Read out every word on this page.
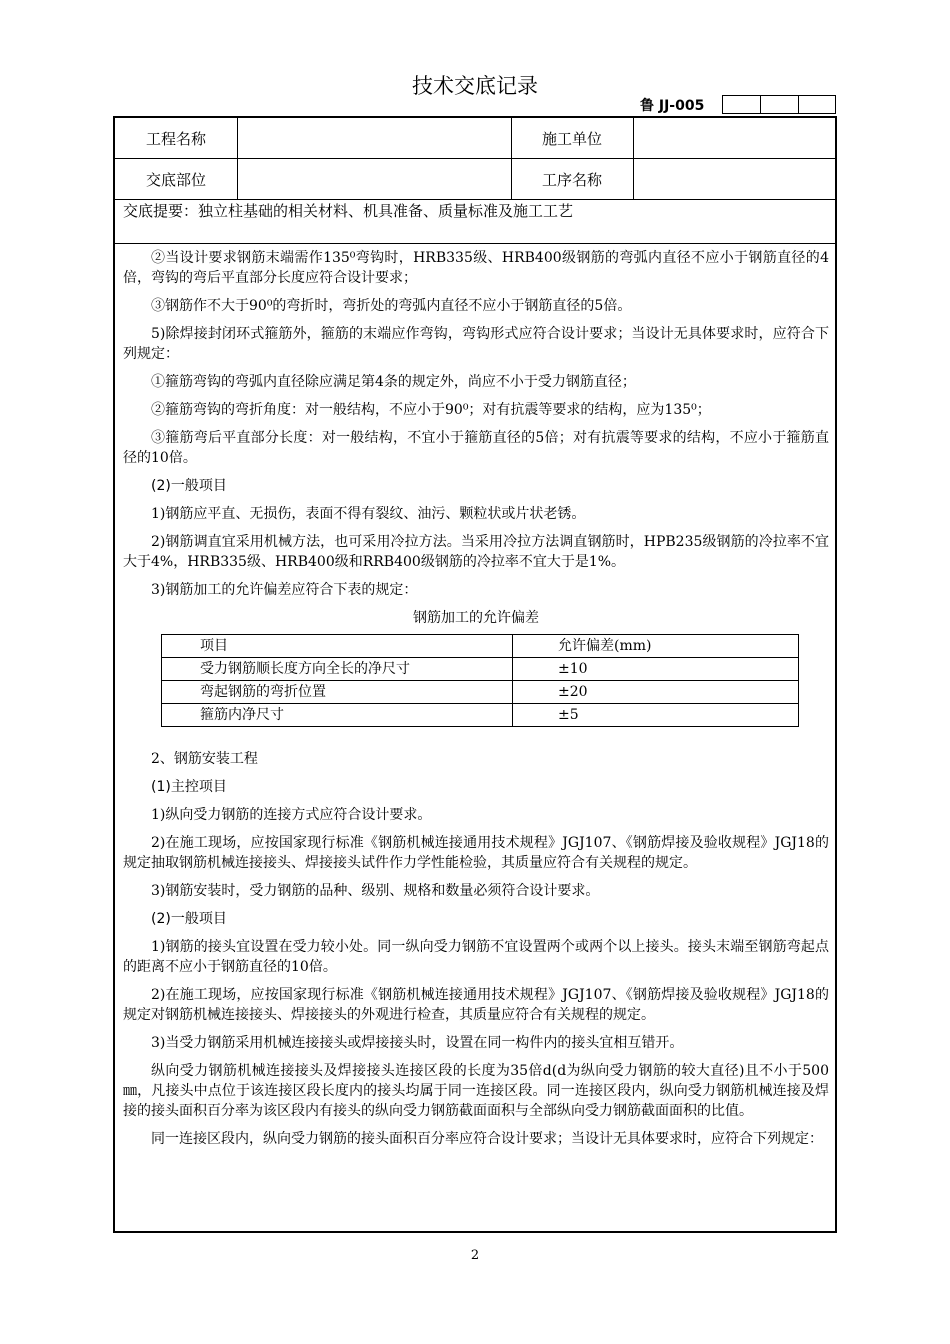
技术交底记录
鲁 JJ-005
工程名称	施工单位
交底部位	工序名称
交底提要：独立柱基础的相关材料、机具准备、质量标准及施工工艺

②当设计要求钢筋末端需作135⁰弯钩时，HRB335级、HRB400级钢筋的弯弧内直径不应小于钢筋直径的4倍，弯钩的弯后平直部分长度应符合设计要求；

③钢筋作不大于90⁰的弯折时，弯折处的弯弧内直径不应小于钢筋直径的5倍。

5)除焊接封闭环式箍筋外，箍筋的末端应作弯钩，弯钩形式应符合设计要求；当设计无具体要求时，应符合下列规定：

①箍筋弯钩的弯弧内直径除应满足第4条的规定外，尚应不小于受力钢筋直径；

②箍筋弯钩的弯折角度：对一般结构，不应小于90⁰；对有抗震等要求的结构，应为135⁰；

③箍筋弯后平直部分长度：对一般结构，不宜小于箍筋直径的5倍；对有抗震等要求的结构，不应小于箍筋直径的10倍。

(2)一般项目

1)钢筋应平直、无损伤，表面不得有裂纹、油污、颗粒状或片状老锈。

2)钢筋调直宜采用机械方法，也可采用冷拉方法。当采用冷拉方法调直钢筋时，HPB235级钢筋的冷拉率不宜大于4%，HRB335级、HRB400级和RRB400级钢筋的冷拉率不宜大于是1%。

3)钢筋加工的允许偏差应符合下表的规定：

钢筋加工的允许偏差
项目	允许偏差(mm)
受力钢筋顺长度方向全长的净尺寸	±10
弯起钢筋的弯折位置	±20
箍筋内净尺寸	±5

2、钢筋安装工程

(1)主控项目

1)纵向受力钢筋的连接方式应符合设计要求。

2)在施工现场，应按国家现行标准《钢筋机械连接通用技术规程》JGJ107、《钢筋焊接及验收规程》JGJ18的规定抽取钢筋机械连接接头、焊接接头试件作力学性能检验，其质量应符合有关规程的规定。

3)钢筋安装时，受力钢筋的品种、级别、规格和数量必须符合设计要求。

(2)一般项目

1)钢筋的接头宜设置在受力较小处。同一纵向受力钢筋不宜设置两个或两个以上接头。接头末端至钢筋弯起点的距离不应小于钢筋直径的10倍。

2)在施工现场，应按国家现行标准《钢筋机械连接通用技术规程》JGJ107、《钢筋焊接及验收规程》JGJ18的规定对钢筋机械连接接头、焊接接头的外观进行检查，其质量应符合有关规程的规定。

3)当受力钢筋采用机械连接接头或焊接接头时，设置在同一构件内的接头宜相互错开。

纵向受力钢筋机械连接接头及焊接接头连接区段的长度为35倍d(d为纵向受力钢筋的较大直径)且不小于500㎜，凡接头中点位于该连接区段长度内的接头均属于同一连接区段。同一连接区段内，纵向受力钢筋机械连接及焊接的接头面积百分率为该区段内有接头的纵向受力钢筋截面面积与全部纵向受力钢筋截面面积的比值。

同一连接区段内，纵向受力钢筋的接头面积百分率应符合设计要求；当设计无具体要求时，应符合下列规定：

2
